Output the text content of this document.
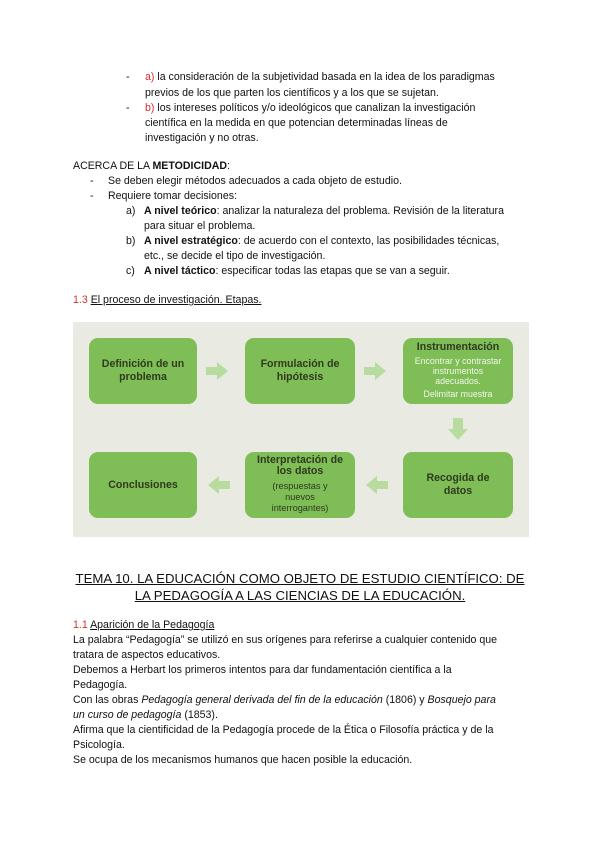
- a) la consideración de la subjetividad basada en la idea de los paradigmas
previos de los que parten los científicos y a los que se sujetan.
- b) los intereses políticos y/o ideológicos que canalizan la investigación
científica en la medida en que potencian determinadas líneas de
investigación y no otras.
ACERCA DE LA METODICIDAD:
- Se deben elegir métodos adecuados a cada objeto de estudio.
- Requiere tomar decisiones:
a) A nivel teórico: analizar la naturaleza del problema. Revisión de la literatura
para situar el problema.
b) A nivel estratégico: de acuerdo con el contexto, las posibilidades técnicas,
etc., se decide el tipo de investigación.
c) A nivel táctico: especificar todas las etapas que se van a seguir.
1.3 El proceso de investigación. Etapas.
Definición de un problema
Formulación de
hipótesis
Instrumentación
Encontrar y contrastar
instrumentos
adecuados.
Delimitar muestra
Recogida de
datos
Interpretación de
los datos
(respuestas y
nuevos
interrogantes)
Conclusiones
TEMA 10. LA EDUCACIÓN COMO OBJETO DE ESTUDIO CIENTÍFICO: DE
LA PEDAGOGÍA A LAS CIENCIAS DE LA EDUCACIÓN.
1.1 Aparición de la Pedagogía
La palabra “Pedagogía” se utilizó en sus orígenes para referirse a cualquier contenido que
tratara de aspectos educativos.
Debemos a Herbart los primeros intentos para dar fundamentación científica a la
Pedagogía.
Con las obras Pedagogía general derivada del fin de la educación (1806) y Bosquejo para
un curso de pedagogía (1853).
Afirma que la cientificidad de la Pedagogía procede de la Ética o Filosofía práctica y de la
Psicología.
Se ocupa de los mecanismos humanos que hacen posible la educación.
